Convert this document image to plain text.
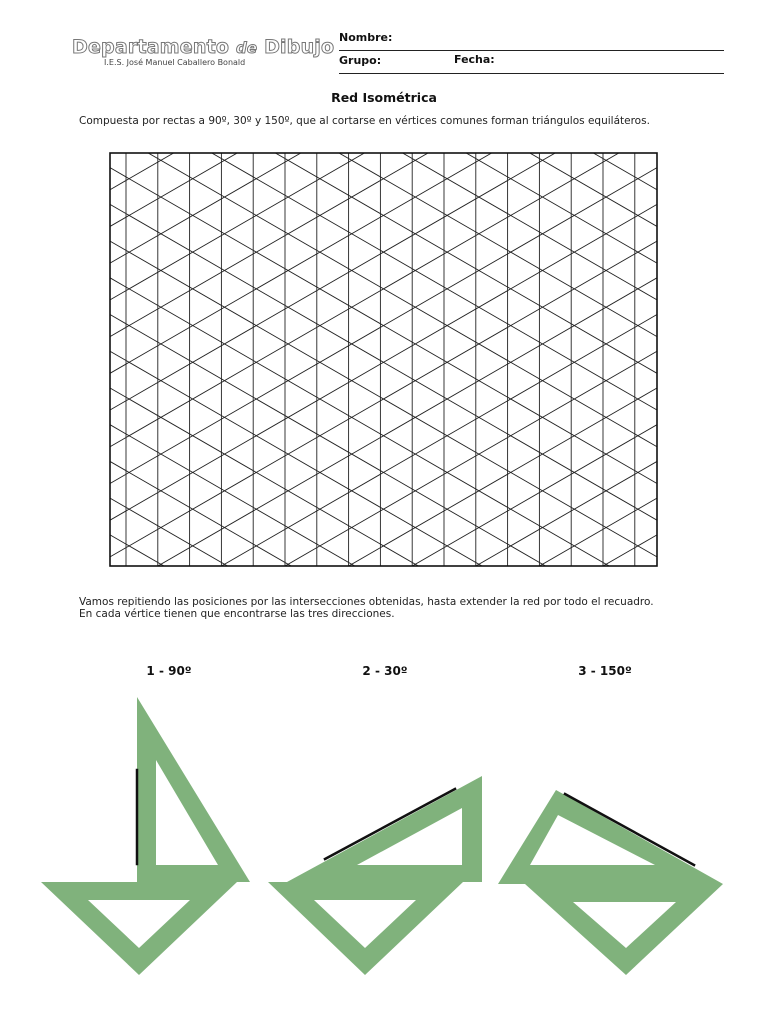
Departamento de Dibujo
I.E.S. José Manuel Caballero Bonald
Nombre:
Grupo:	Fecha:
Red Isométrica
Compuesta por rectas a 90º, 30º y 150º, que al cortarse en vértices comunes forman triángulos equiláteros.
Vamos repitiendo las posiciones por las intersecciones obtenidas, hasta extender la red por todo el recuadro.
En cada vértice tienen que encontrarse las tres direcciones.
1 - 90º	2 - 30º	3 - 150º
